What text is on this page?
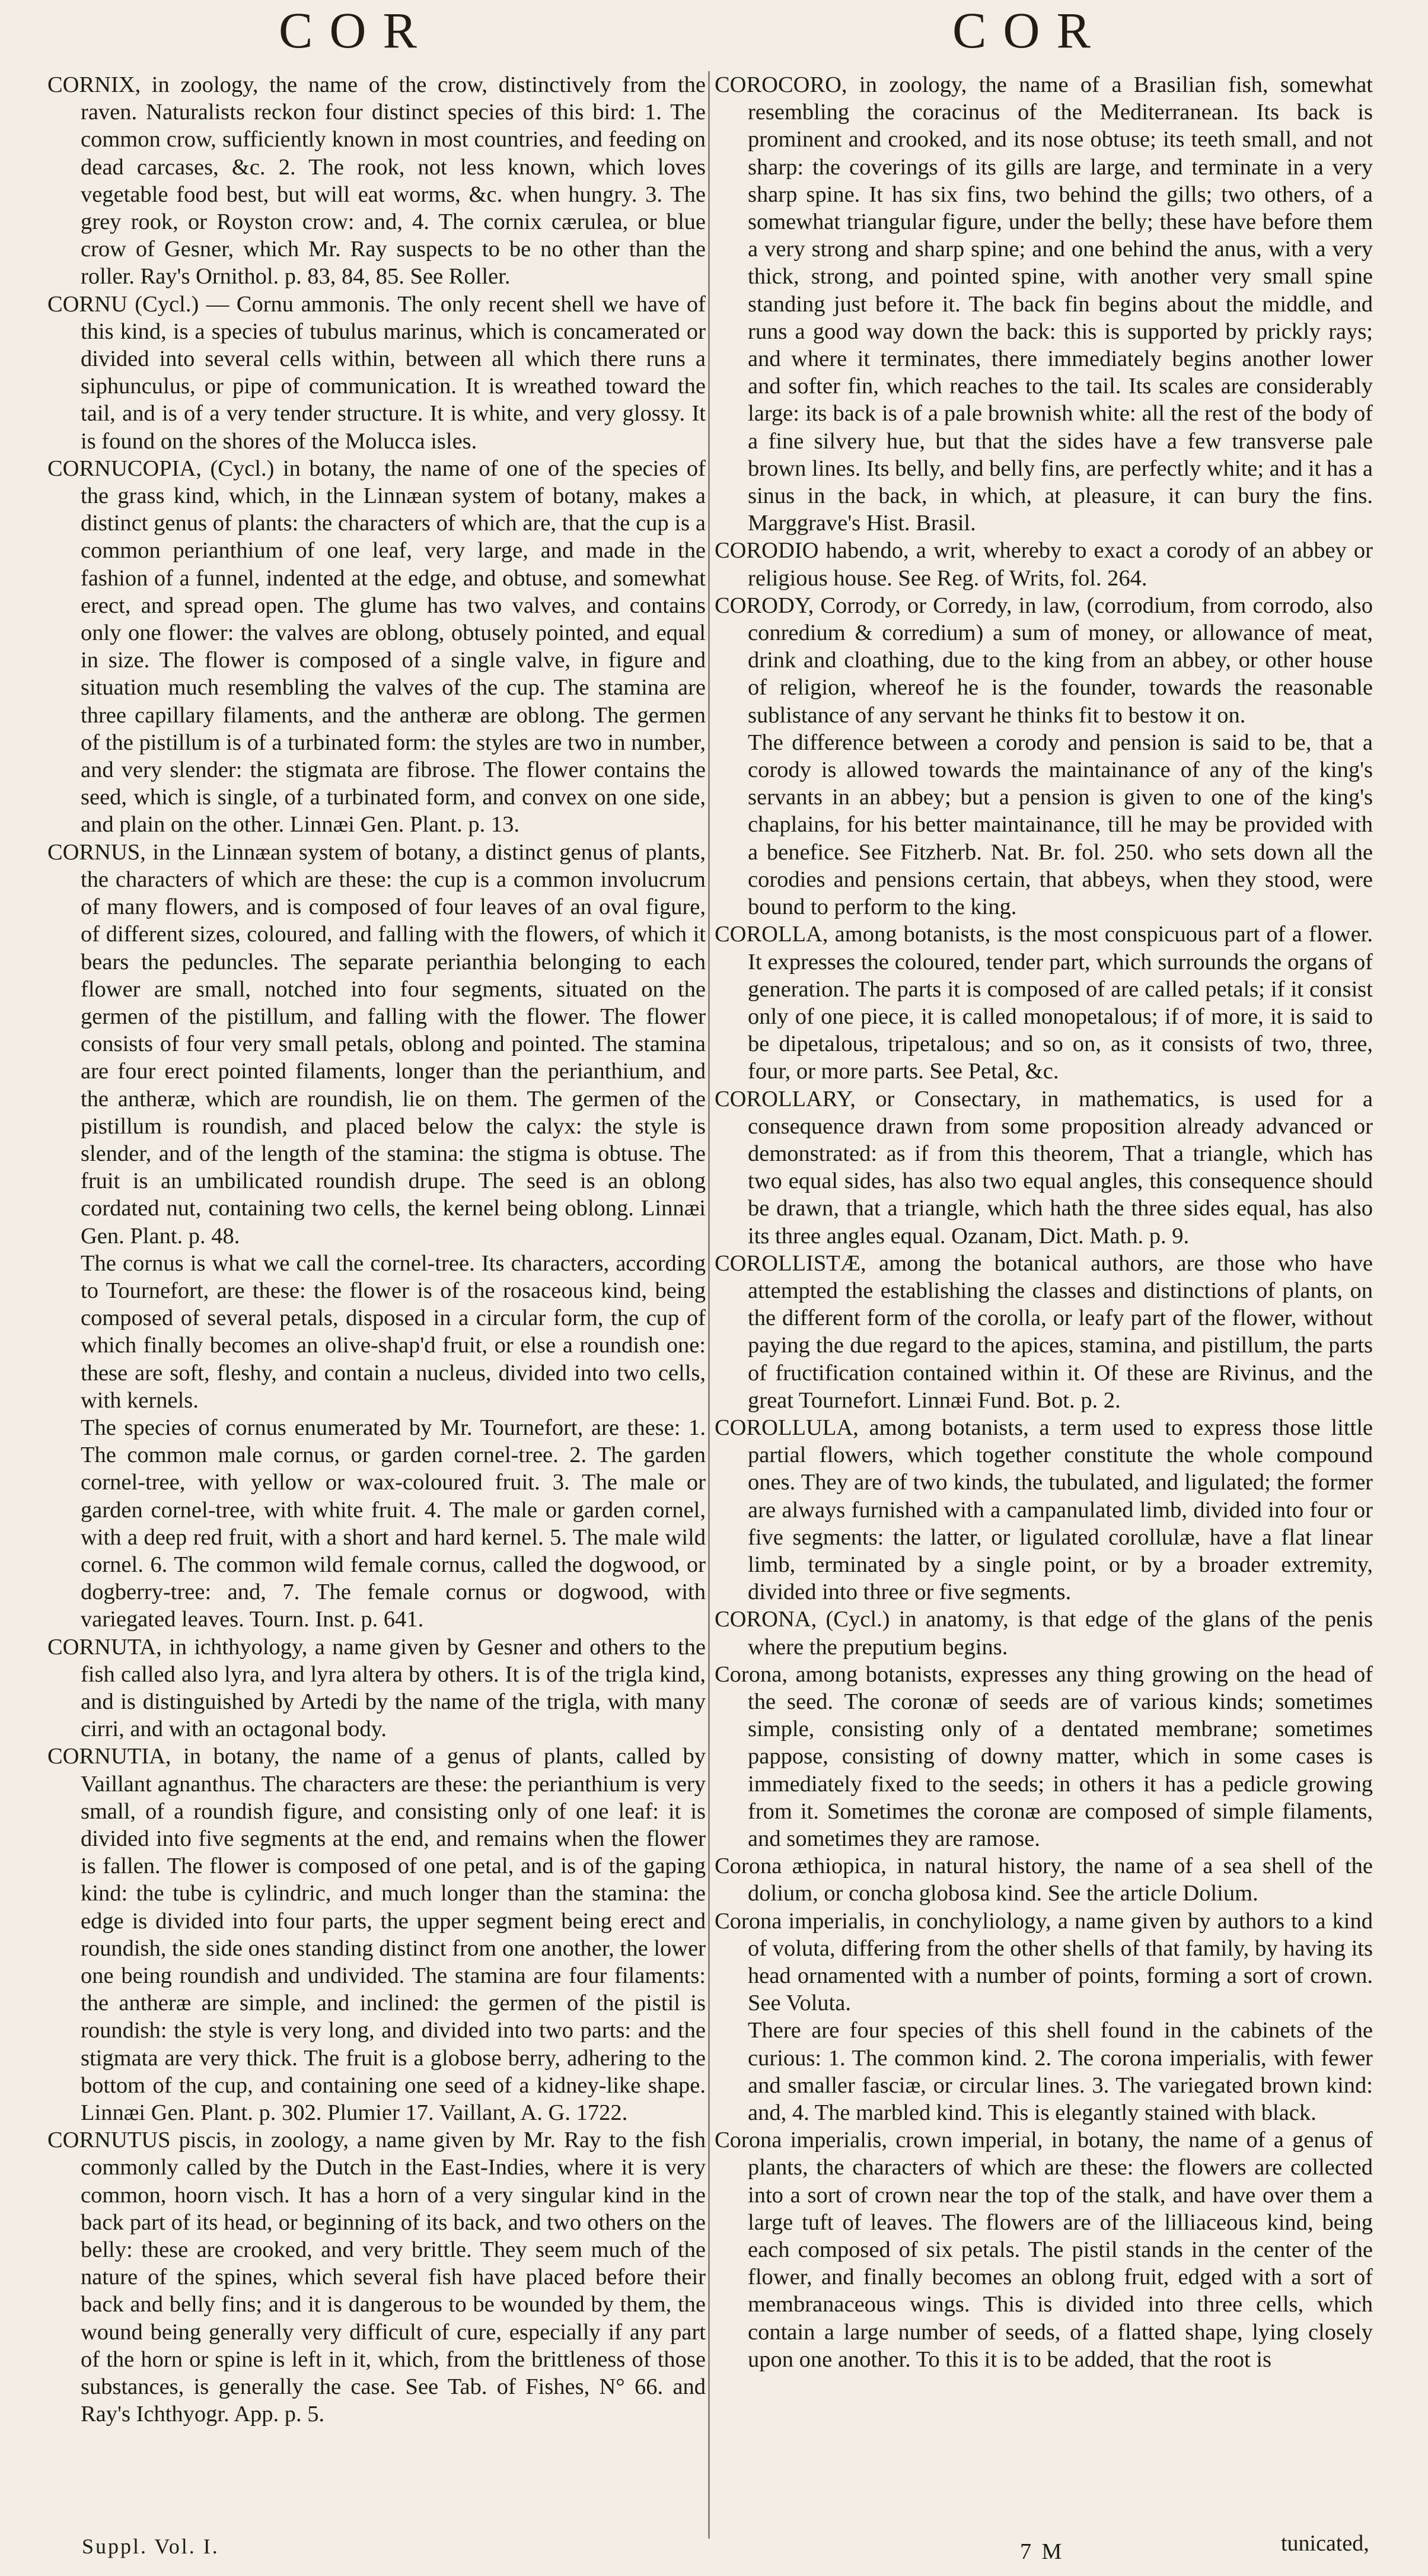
COR	COR

CORNIX, in zoology, the name of the crow, distinctively from the raven. Naturalists reckon four distinct species of this bird: 1. The common crow, sufficiently known in most countries, and feeding on dead carcases, &c. 2. The rook, not less known, which loves vegetable food best, but will eat worms, &c. when hungry. 3. The grey rook, or Royston crow: and, 4. The cornix cærulea, or blue crow of Gesner, which Mr. Ray suspects to be no other than the roller. Ray's Ornithol. p. 83, 84, 85. See Roller.

CORNU (Cycl.) — Cornu ammonis. The only recent shell we have of this kind, is a species of tubulus marinus, which is concamerated or divided into several cells within, between all which there runs a siphunculus, or pipe of communication. It is wreathed toward the tail, and is of a very tender structure. It is white, and very glossy. It is found on the shores of the Molucca isles.

CORNUCOPIA, (Cycl.) in botany, the name of one of the species of the grass kind, which, in the Linnæan system of botany, makes a distinct genus of plants: the characters of which are, that the cup is a common perianthium of one leaf, very large, and made in the fashion of a funnel, indented at the edge, and obtuse, and somewhat erect, and spread open. The glume has two valves, and contains only one flower: the valves are oblong, obtusely pointed, and equal in size. The flower is composed of a single valve, in figure and situation much resembling the valves of the cup. The stamina are three capillary filaments, and the antheræ are oblong. The germen of the pistillum is of a turbinated form: the styles are two in number, and very slender: the stigmata are fibrose. The flower contains the seed, which is single, of a turbinated form, and convex on one side, and plain on the other. Linnæi Gen. Plant. p. 13.

CORNUS, in the Linnæan system of botany, a distinct genus of plants, the characters of which are these: the cup is a common involucrum of many flowers, and is composed of four leaves of an oval figure, of different sizes, coloured, and falling with the flowers, of which it bears the peduncles. The separate perianthia belonging to each flower are small, notched into four segments, situated on the germen of the pistillum, and falling with the flower. The flower consists of four very small petals, oblong and pointed. The stamina are four erect pointed filaments, longer than the perianthium, and the antheræ, which are roundish, lie on them. The germen of the pistillum is roundish, and placed below the calyx: the style is slender, and of the length of the stamina: the stigma is obtuse. The fruit is an umbilicated roundish drupe. The seed is an oblong cordated nut, containing two cells, the kernel being oblong. Linnæi Gen. Plant. p. 48.

The cornus is what we call the cornel-tree. Its characters, according to Tournefort, are these: the flower is of the rosaceous kind, being composed of several petals, disposed in a circular form, the cup of which finally becomes an olive-shap'd fruit, or else a roundish one: these are soft, fleshy, and contain a nucleus, divided into two cells, with kernels.

The species of cornus enumerated by Mr. Tournefort, are these: 1. The common male cornus, or garden cornel-tree. 2. The garden cornel-tree, with yellow or wax-coloured fruit. 3. The male or garden cornel-tree, with white fruit. 4. The male or garden cornel, with a deep red fruit, with a short and hard kernel. 5. The male wild cornel. 6. The common wild female cornus, called the dogwood, or dogberry-tree: and, 7. The female cornus or dogwood, with variegated leaves. Tourn. Inst. p. 641.

CORNUTA, in ichthyology, a name given by Gesner and others to the fish called also lyra, and lyra altera by others. It is of the trigla kind, and is distinguished by Artedi by the name of the trigla, with many cirri, and with an octagonal body.

CORNUTIA, in botany, the name of a genus of plants, called by Vaillant agnanthus. The characters are these: the perianthium is very small, of a roundish figure, and consisting only of one leaf: it is divided into five segments at the end, and remains when the flower is fallen. The flower is composed of one petal, and is of the gaping kind: the tube is cylindric, and much longer than the stamina: the edge is divided into four parts, the upper segment being erect and roundish, the side ones standing distinct from one another, the lower one being roundish and undivided. The stamina are four filaments: the antheræ are simple, and inclined: the germen of the pistil is roundish: the style is very long, and divided into two parts: and the stigmata are very thick. The fruit is a globose berry, adhering to the bottom of the cup, and containing one seed of a kidney-like shape. Linnæi Gen. Plant. p. 302. Plumier 17. Vaillant, A. G. 1722.

CORNUTUS piscis, in zoology, a name given by Mr. Ray to the fish commonly called by the Dutch in the East-Indies, where it is very common, hoorn visch. It has a horn of a very singular kind in the back part of its head, or beginning of its back, and two others on the belly: these are crooked, and very brittle. They seem much of the nature of the spines, which several fish have placed before their back and belly fins; and it is dangerous to be wounded by them, the wound being generally very difficult of cure, especially if any part of the horn or spine is left in it, which, from the brittleness of those substances, is generally the case. See Tab. of Fishes, N° 66. and Ray's Ichthyogr. App. p. 5.

COROCORO, in zoology, the name of a Brasilian fish, somewhat resembling the coracinus of the Mediterranean. Its back is prominent and crooked, and its nose obtuse; its teeth small, and not sharp: the coverings of its gills are large, and terminate in a very sharp spine. It has six fins, two behind the gills; two others, of a somewhat triangular figure, under the belly; these have before them a very strong and sharp spine; and one behind the anus, with a very thick, strong, and pointed spine, with another very small spine standing just before it. The back fin begins about the middle, and runs a good way down the back: this is supported by prickly rays; and where it terminates, there immediately begins another lower and softer fin, which reaches to the tail. Its scales are considerably large: its back is of a pale brownish white: all the rest of the body of a fine silvery hue, but that the sides have a few transverse pale brown lines. Its belly, and belly fins, are perfectly white; and it has a sinus in the back, in which, at pleasure, it can bury the fins. Marggrave's Hist. Brasil.

CORODIO habendo, a writ, whereby to exact a corody of an abbey or religious house. See Reg. of Writs, fol. 264.

CORODY, Corrody, or Corredy, in law, (corrodium, from corrodo, also conredium & corredium) a sum of money, or allowance of meat, drink and cloathing, due to the king from an abbey, or other house of religion, whereof he is the founder, towards the reasonable sublistance of any servant he thinks fit to bestow it on.

The difference between a corody and pension is said to be, that a corody is allowed towards the maintainance of any of the king's servants in an abbey; but a pension is given to one of the king's chaplains, for his better maintainance, till he may be provided with a benefice. See Fitzherb. Nat. Br. fol. 250. who sets down all the corodies and pensions certain, that abbeys, when they stood, were bound to perform to the king.

COROLLA, among botanists, is the most conspicuous part of a flower. It expresses the coloured, tender part, which surrounds the organs of generation. The parts it is composed of are called petals; if it consist only of one piece, it is called monopetalous; if of more, it is said to be dipetalous, tripetalous; and so on, as it consists of two, three, four, or more parts. See Petal, &c.

COROLLARY, or Consectary, in mathematics, is used for a consequence drawn from some proposition already advanced or demonstrated: as if from this theorem, That a triangle, which has two equal sides, has also two equal angles, this consequence should be drawn, that a triangle, which hath the three sides equal, has also its three angles equal. Ozanam, Dict. Math. p. 9.

COROLLISTÆ, among the botanical authors, are those who have attempted the establishing the classes and distinctions of plants, on the different form of the corolla, or leafy part of the flower, without paying the due regard to the apices, stamina, and pistillum, the parts of fructification contained within it. Of these are Rivinus, and the great Tournefort. Linnæi Fund. Bot. p. 2.

COROLLULA, among botanists, a term used to express those little partial flowers, which together constitute the whole compound ones. They are of two kinds, the tubulated, and ligulated; the former are always furnished with a campanulated limb, divided into four or five segments: the latter, or ligulated corollulæ, have a flat linear limb, terminated by a single point, or by a broader extremity, divided into three or five segments.

CORONA, (Cycl.) in anatomy, is that edge of the glans of the penis where the preputium begins.

Corona, among botanists, expresses any thing growing on the head of the seed. The coronæ of seeds are of various kinds; sometimes simple, consisting only of a dentated membrane; sometimes pappose, consisting of downy matter, which in some cases is immediately fixed to the seeds; in others it has a pedicle growing from it. Sometimes the coronæ are composed of simple filaments, and sometimes they are ramose.

Corona æthiopica, in natural history, the name of a sea shell of the dolium, or concha globosa kind. See the article Dolium.

Corona imperialis, in conchyliology, a name given by authors to a kind of voluta, differing from the other shells of that family, by having its head ornamented with a number of points, forming a sort of crown. See Voluta.

There are four species of this shell found in the cabinets of the curious: 1. The common kind. 2. The corona imperialis, with fewer and smaller fasciæ, or circular lines. 3. The variegated brown kind: and, 4. The marbled kind. This is elegantly stained with black.

Corona imperialis, crown imperial, in botany, the name of a genus of plants, the characters of which are these: the flowers are collected into a sort of crown near the top of the stalk, and have over them a large tuft of leaves. The flowers are of the lilliaceous kind, being each composed of six petals. The pistil stands in the center of the flower, and finally becomes an oblong fruit, edged with a sort of membranaceous wings. This is divided into three cells, which contain a large number of seeds, of a flatted shape, lying closely upon one another. To this it is to be added, that the root is

Suppl. Vol. I.	7 M	tunicated,
